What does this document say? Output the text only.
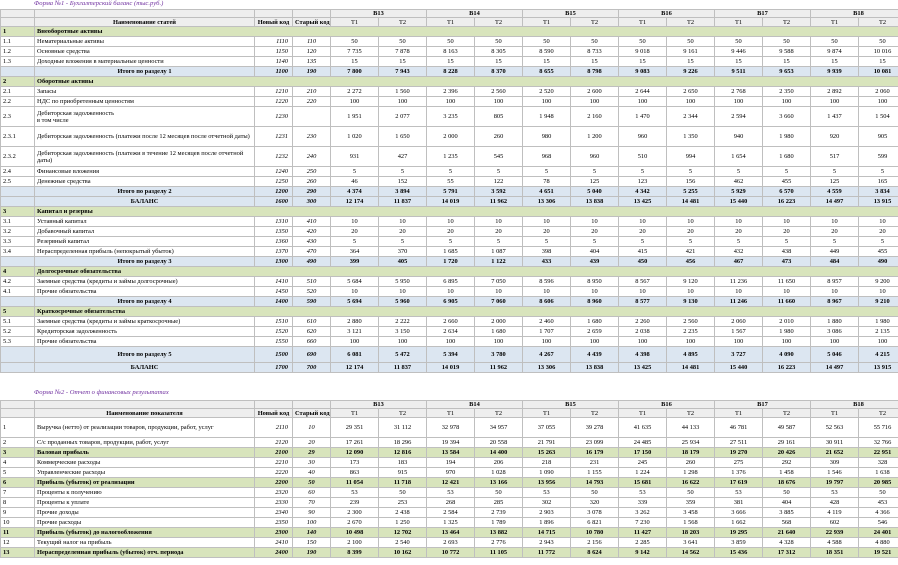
Форма №1 - Бухгалтерский баланс (тыс.руб.)
				В13		В14		В15		В16		В17		В18	
	Наименование статей	Новый код	Старый код	Т1	Т2	Т1	Т2	Т1	Т2	Т1	Т2	Т1	Т2	Т1	Т2
1	Внеоборотные активы														
1.1	Нематериальные активы	1110	110	50	50	50	50	50	50	50	50	50	50	50	50
1.2	Основные средства	1150	120	7 735	7 878	8 163	8 305	8 590	8 733	9 018	9 161	9 446	9 588	9 874	10 016
1.3	Доходные вложения в материальные ценности	1140	135	15	15	15	15	15	15	15	15	15	15	15	15
	Итого по разделу 1	1100	190	7 800	7 943	8 228	8 370	8 655	8 798	9 083	9 226	9 511	9 653	9 939	10 081
2	Оборотные активы														
2.1	Запасы	1210	210	2 272	1 560	2 396	2 560	2 520	2 600	2 644	2 650	2 768	2 350	2 892	2 060
2.2	НДС по приобретенным ценностям	1220	220	100	100	100	100	100	100	100	100	100	100	100	100
2.3	Дебиторская задолженность
в том числе	1230		1 951	2 077	3 235	805	1 948	2 160	1 470	2 344	2 594	3 660	1 437	1 504
2.3.1	Дебиторская задолженность (платежи после 12 месяцев после отчетной даты)	1231	230	1 020	1 650	2 000	260	980	1 200	960	1 350	940	1 980	920	905
2.3.2	Дебиторская задолженность (платежи в течение 12 месяцев после отчетной даты)	1232	240	931	427	1 235	545	968	960	510	994	1 654	1 680	517	599
2.4	Финансовые вложения	1240	250	5	5	5	5	5	5	5	5	5	5	5	5
2.5	Денежные средства	1250	260	46	152	55	122	78	125	123	156	462	455	125	165
	Итого по разделу 2	1200	290	4 374	3 894	5 791	3 592	4 651	5 040	4 342	5 255	5 929	6 570	4 559	3 834
	БАЛАНС	1600	300	12 174	11 837	14 019	11 962	13 306	13 838	13 425	14 481	15 440	16 223	14 497	13 915
3	Капитал и резервы														
3.1	Уставный капитал	1310	410	10	10	10	10	10	10	10	10	10	10	10	10
3.2	Добавочный капитал	1350	420	20	20	20	20	20	20	20	20	20	20	20	20
3.3	Резервный капитал	1360	430	5	5	5	5	5	5	5	5	5	5	5	5
3.4	Нераспределенная прибыль (непокрытый убыток)	1370	470	364	370	1 685	1 087	398	404	415	421	432	438	449	455
	Итого по разделу 3	1300	490	399	405	1 720	1 122	433	439	450	456	467	473	484	490
4	Долгосрочные обязательства														
4.2	Заемные средства (кредиты и займы долгосрочные)	1410	510	5 684	5 950	6 895	7 050	8 596	8 950	8 567	9 120	11 236	11 650	8 957	9 200
4.1	Прочие обязательства	1450	520	10	10	10	10	10	10	10	10	10	10	10	10
	Итого по разделу 4	1400	590	5 694	5 960	6 905	7 060	8 606	8 960	8 577	9 130	11 246	11 660	8 967	9 210
5	Краткосрочные обязательства														
5.1	Заемные средства (кредиты и займы краткосрочные)	1510	610	2 880	2 222	2 660	2 000	2 460	1 680	2 260	2 560	2 060	2 010	1 880	1 980
5.2	Кредиторская задолженность	1520	620	3 121	3 150	2 634	1 680	1 707	2 659	2 038	2 235	1 567	1 980	3 086	2 135
5.3	Прочие обязательства	1550	660	100	100	100	100	100	100	100	100	100	100	100	100
	Итого по разделу 5	1500	690	6 081	5 472	5 394	3 780	4 267	4 439	4 398	4 895	3 727	4 090	5 046	4 215
	БАЛАНС	1700	700	12 174	11 837	14 019	11 962	13 306	13 838	13 425	14 481	15 440	16 223	14 497	13 915
Форма №2 - Отчет о финансовых результатах
				В13		В14		В15		В16		В17		В18	
	Наименование показателя	Новый код	Старый код	Т1	Т2	Т1	Т2	Т1	Т2	Т1	Т2	Т1	Т2	Т1	Т2
1	Выручка (нетто) от реализации товаров, продукции, работ, услуг	2110	10	29 351	31 112	32 978	34 957	37 055	39 278	41 635	44 133	46 781	49 587	52 563	55 716
2	С/с проданных товаров, продукции, работ, услуг	2120	20	17 261	18 296	19 394	20 558	21 791	23 099	24 485	25 934	27 511	29 161	30 911	32 766
3	Валовая прибыль	2100	29	12 090	12 816	13 584	14 400	15 263	16 179	17 150	18 179	19 270	20 426	21 652	22 951
4	Коммерческие расходы	2210	30	173	183	194	206	218	231	245	260	275	292	309	328
5	Управленческие расходы	2220	40	863	915	970	1 028	1 090	1 155	1 224	1 298	1 376	1 458	1 546	1 638
6	Прибыль (убыток) от реализации	2200	50	11 054	11 718	12 421	13 166	13 956	14 793	15 681	16 622	17 619	18 676	19 797	20 985
7	Проценты к получению	2320	60	53	50	53	50	53	50	53	50	53	50	53	50
8	Проценты к уплате	2330	70	239	253	268	285	302	320	339	359	381	404	428	453
9	Прочие доходы	2340	90	2 300	2 438	2 584	2 739	2 903	3 078	3 262	3 458	3 666	3 885	4 119	4 366
10	Прочие расходы	2350	100	2 670	1 250	1 325	1 789	1 896	6 821	7 230	1 568	1 662	568	602	546
11	Прибыль (убыток) до налогообложения	2300	140	10 498	12 702	13 464	13 882	14 715	10 780	11 427	18 203	19 295	21 640	22 939	24 401
12	Текущий налог на прибыль	2410	150	2 100	2 540	2 693	2 776	2 943	2 156	2 285	3 641	3 859	4 328	4 588	4 880
13	Нераспределенная прибыль (убыток) отч. периода	2400	190	8 399	10 162	10 772	11 105	11 772	8 624	9 142	14 562	15 436	17 312	18 351	19 521
